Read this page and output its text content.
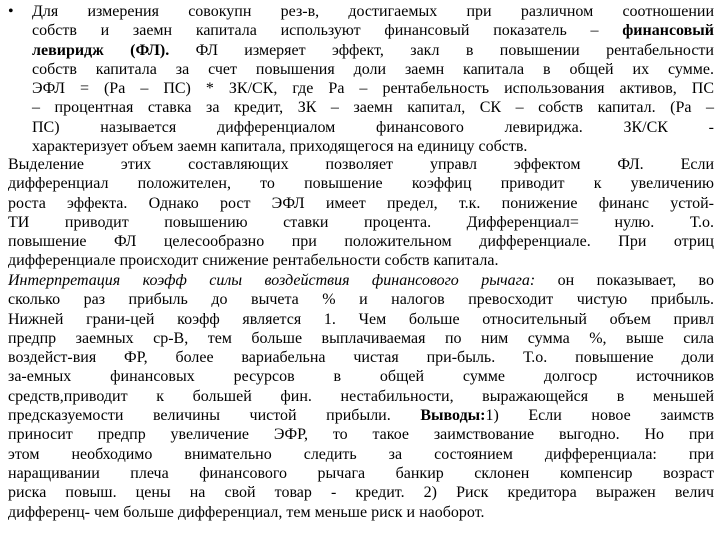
• Для измерения совокупн рез-в, достигаемых при различном соотношении
собств и заемн капитала используют финансовый показатель – финансовый
левиридж (ФЛ). ФЛ измеряет эффект, закл в повышении рентабельности
собств капитала за счет повышения доли заемн капитала в общей их сумме.
ЭФЛ = (Ра – ПС) * ЗК/СК, где Ра – рентабельность использования активов, ПС
– процентная ставка за кредит, ЗК – заемн капитал, СК – собств капитал. (Ра –
ПС) называется дифференциалом финансового левириджа. ЗК/СК -
характеризует объем заемн капитала, приходящегося на единицу собств.
Выделение этих составляющих позволяет управл эффектом ФЛ. Если
дифференциал положителен, то повышение коэффиц приводит к увеличению
роста эффекта. Однако рост ЭФЛ имеет предел, т.к. понижение финанс устой-
ТИ приводит повышению ставки процента. Дифференциал= нулю. Т.о.
повышение ФЛ целесообразно при положительном дифференциале. При отриц
дифференциале происходит снижение рентабельности собств капитала.
Интерпретация коэфф силы воздействия финансового рычага: он показывает, во
сколько раз прибыль до вычета % и налогов превосходит чистую прибыль.
Нижней грани-цей коэфф является 1. Чем больше относительный объем привл
предпр заемных ср-В, тем больше выплачиваемая по ним сумма %, выше сила
воздейст-вия ФР, более вариабельна чистая при-быль. Т.о. повышение доли
за-емных финансовых ресурсов в общей сумме долгоср источников
средств,приводит к большей фин. нестабильности, выражающейся в меньшей
предсказуемости величины чистой прибыли. Выводы:1) Если новое заимств
приносит предпр увеличение ЭФР, то такое заимствование выгодно. Но при
этом необходимо внимательно следить за состоянием дифференциала: при
наращивании плеча финансового рычага банкир склонен компенсир возраст
риска повыш. цены на свой товар - кредит. 2) Риск кредитора выражен велич
дифференц- чем больше дифференциал, тем меньше риск и наоборот.
